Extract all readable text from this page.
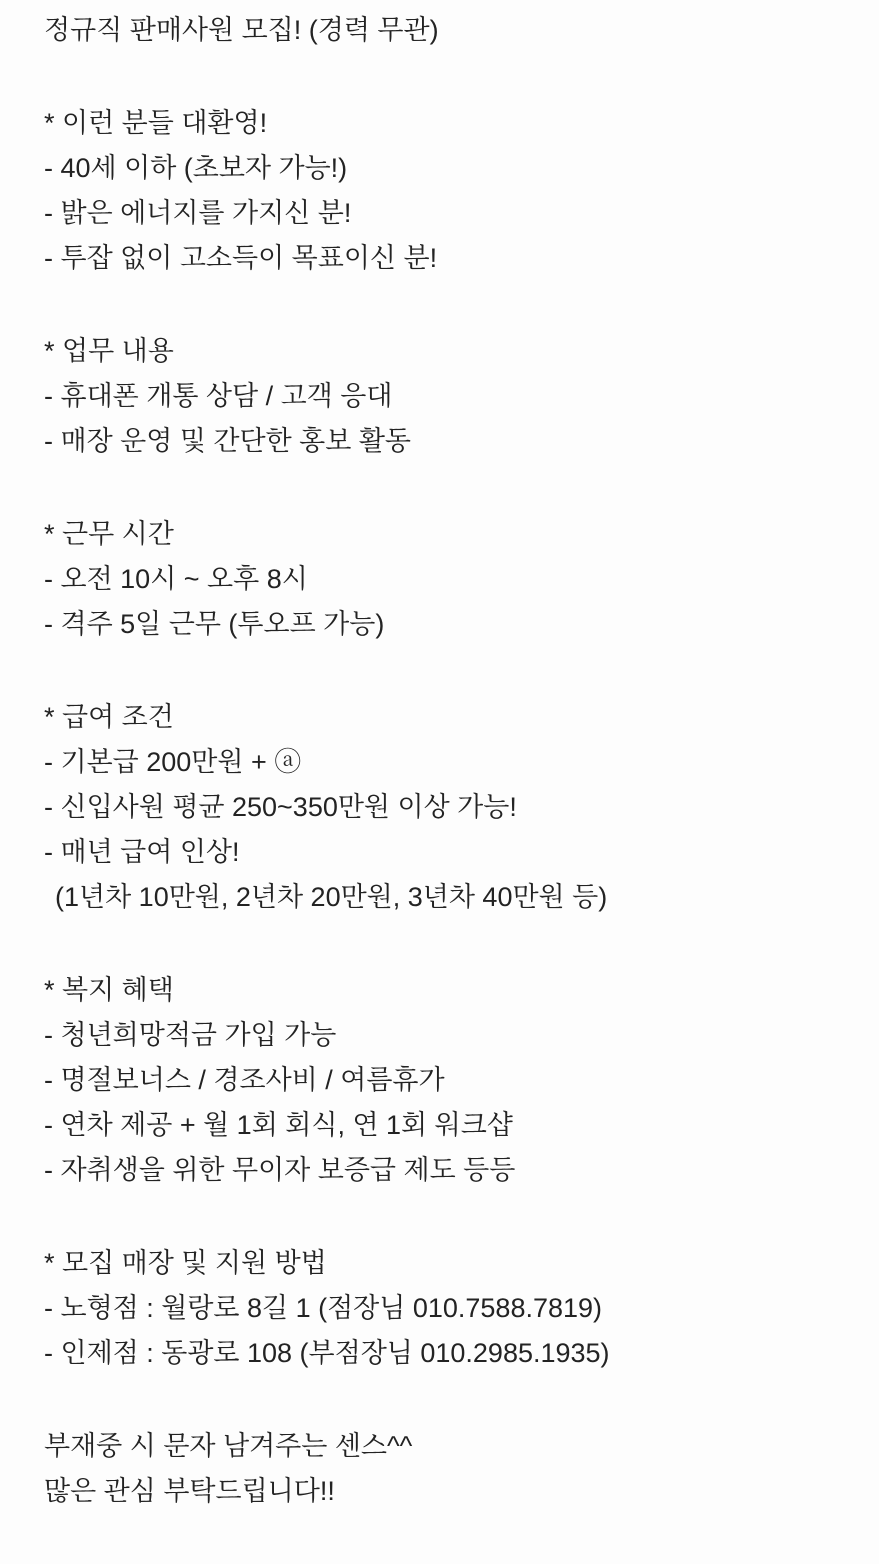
정규직 판매사원 모집! (경력 무관)
* 이런 분들 대환영!
- 40세 이하 (초보자 가능!)
- 밝은 에너지를 가지신 분!
- 투잡 없이 고소득이 목표이신 분!
* 업무 내용
- 휴대폰 개통 상담 / 고객 응대
- 매장 운영 및 간단한 홍보 활동
* 근무 시간
- 오전 10시 ~ 오후 8시
- 격주 5일 근무 (투오프 가능)
* 급여 조건
- 기본급 200만원 + ⓐ
- 신입사원 평균 250~350만원 이상 가능!
- 매년 급여 인상!
(1년차 10만원, 2년차 20만원, 3년차 40만원 등)
* 복지 혜택
- 청년희망적금 가입 가능
- 명절보너스 / 경조사비 / 여름휴가
- 연차 제공 + 월 1회 회식, 연 1회 워크샵
- 자취생을 위한 무이자 보증급 제도 등등
* 모집 매장 및 지원 방법
- 노형점 : 월랑로 8길 1 (점장님 010.7588.7819)
- 인제점 : 동광로 108 (부점장님 010.2985.1935)
부재중 시 문자 남겨주는 센스^^
많은 관심 부탁드립니다!!
